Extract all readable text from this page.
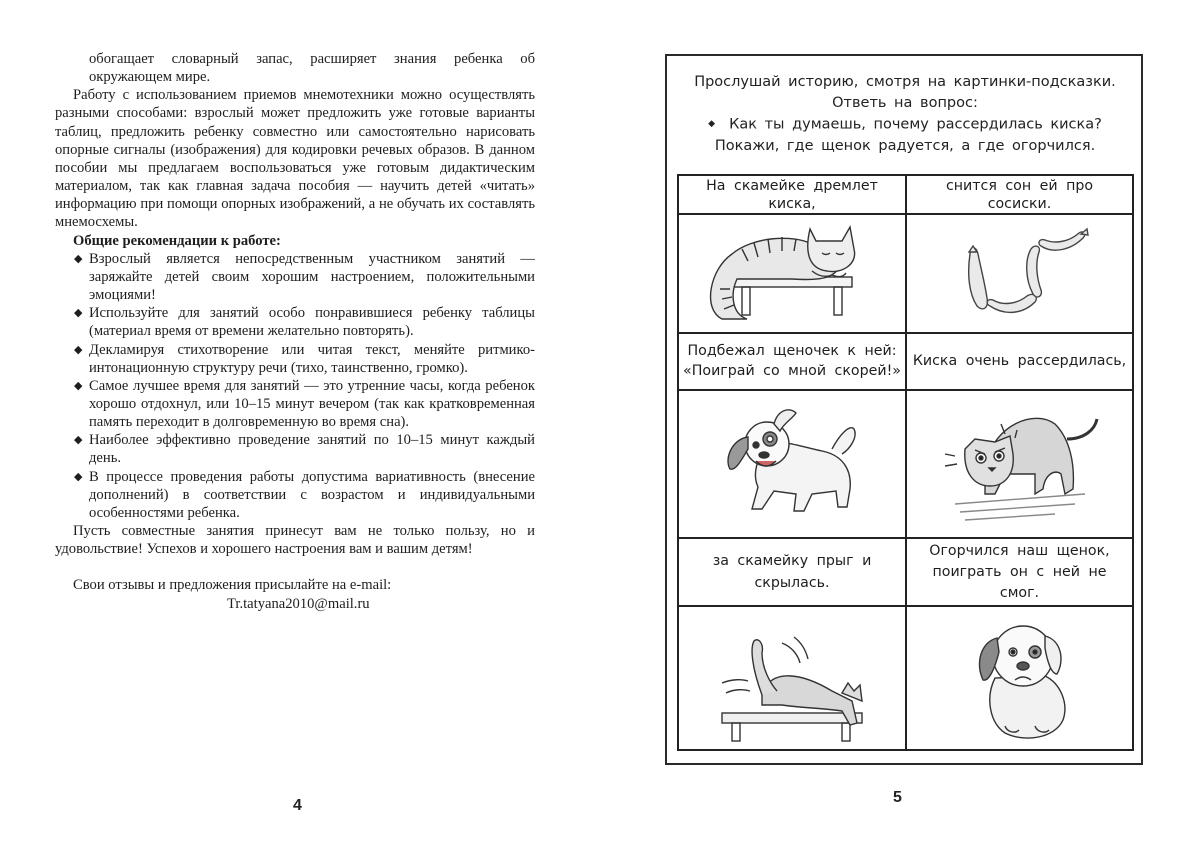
обогащает словарный запас, расширяет знания ребенка об окружающем мире.

Работу с использованием приемов мнемотехники можно осуществлять разными способами: взрослый может предложить уже готовые варианты таблиц, предложить ребенку совместно или самостоятельно нарисовать опорные сигналы (изображения) для кодировки речевых образов. В данном пособии мы предлагаем воспользоваться уже готовым дидактическим материалом, так как главная задача пособия — научить детей «читать» информацию при помощи опорных изображений, а не обучать их составлять мнемосхемы.

Общие рекомендации к работе:

◆ Взрослый является непосредственным участником занятий — заряжайте детей своим хорошим настроением, положительными эмоциями!
◆ Используйте для занятий особо понравившиеся ребенку таблицы (материал время от времени желательно повторять).
◆ Декламируя стихотворение или читая текст, меняйте ритмико-интонационную структуру речи (тихо, таинственно, громко).
◆ Самое лучшее время для занятий — это утренние часы, когда ребенок хорошо отдохнул, или 10–15 минут вечером (так как кратковременная память переходит в долговременную во время сна).
◆ Наиболее эффективно проведение занятий по 10–15 минут каждый день.
◆ В процессе проведения работы допустима вариативность (внесение дополнений) в соответствии с возрастом и индивидуальными особенностями ребенка.

Пусть совместные занятия принесут вам не только пользу, но и удовольствие! Успехов и хорошего настроения вам и вашим детям!

Свои отзывы и предложения присылайте на e-mail:

Tr.tatyana2010@mail.ru

4
Прослушай историю, смотря на картинки-подсказки.
Ответь на вопрос:
◆ Как ты думаешь, почему рассердилась киска?
Покажи, где щенок радуется, а где огорчился.
На скамейке дремлет киска,
снится сон ей про сосиски.
Подбежал щеночек к ней: «Поиграй со мной скорей!»
Киска очень рассердилась,
за скамейку прыг и скрылась.
Огорчился наш щенок, поиграть он с ней не смог.
5
